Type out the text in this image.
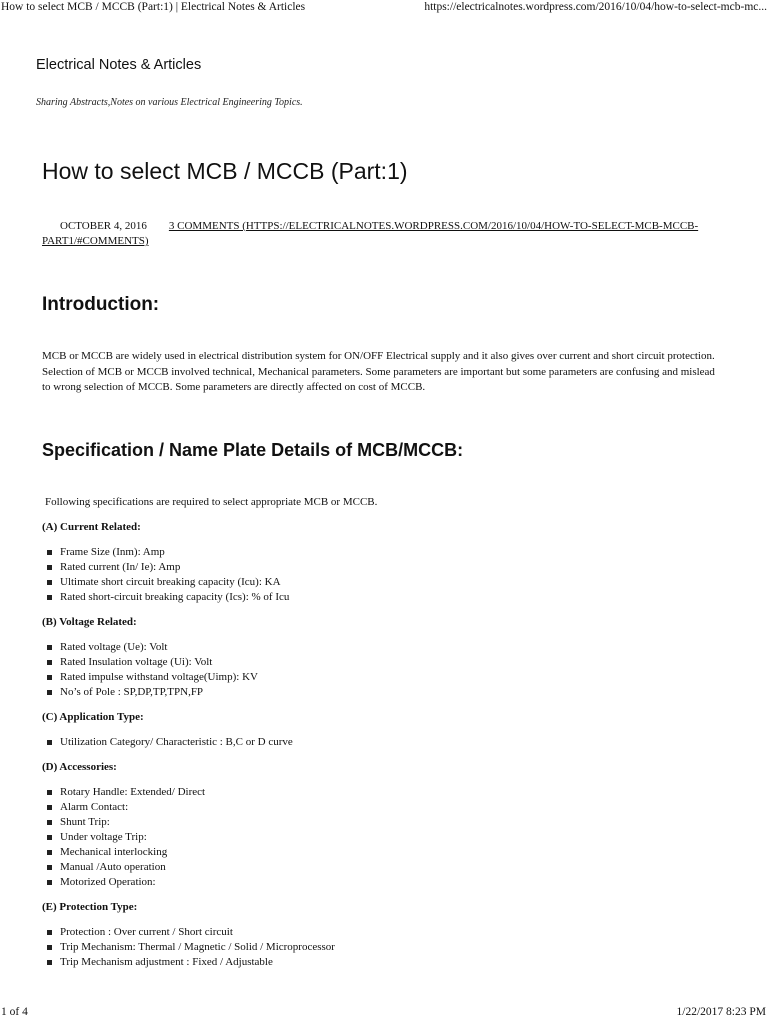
How to select MCB / MCCB (Part:1) | Electrical Notes & Articles	https://electricalnotes.wordpress.com/2016/10/04/how-to-select-mcb-mc...
Electrical Notes & Articles
Sharing Abstracts,Notes on various Electrical Engineering Topics.
How to select MCB / MCCB (Part:1)
OCTOBER 4, 2016 3 COMMENTS (HTTPS://ELECTRICALNOTES.WORDPRESS.COM/2016/10/04/HOW-TO-SELECT-MCB-MCCB-PART1/#COMMENTS)
Introduction:

MCB or MCCB are widely used in electrical distribution system for ON/OFF Electrical supply and it also gives over current and short circuit protection. Selection of MCB or MCCB involved technical, Mechanical parameters. Some parameters are important but some parameters are confusing and mislead to wrong selection of MCCB. Some parameters are directly affected on cost of MCCB.

Specification / Name Plate Details of MCB/MCCB:

Following specifications are required to select appropriate MCB or MCCB.

(A) Current Related:

Frame Size (Inm): Amp
Rated current (In/ Ie): Amp
Ultimate short circuit breaking capacity (Icu): KA
Rated short-circuit breaking capacity (Ics): % of Icu

(B) Voltage Related:

Rated voltage (Ue): Volt
Rated Insulation voltage (Ui): Volt
Rated impulse withstand voltage(Uimp): KV
No’s of Pole : SP,DP,TP,TPN,FP

(C) Application Type:

Utilization Category/ Characteristic : B,C or D curve

(D) Accessories:

Rotary Handle: Extended/ Direct
Alarm Contact:
Shunt Trip:
Under voltage Trip:
Mechanical interlocking
Manual /Auto operation
Motorized Operation:

(E) Protection Type:

Protection : Over current / Short circuit
Trip Mechanism: Thermal / Magnetic / Solid / Microprocessor
Trip Mechanism adjustment : Fixed / Adjustable
1 of 4	1/22/2017 8:23 PM
